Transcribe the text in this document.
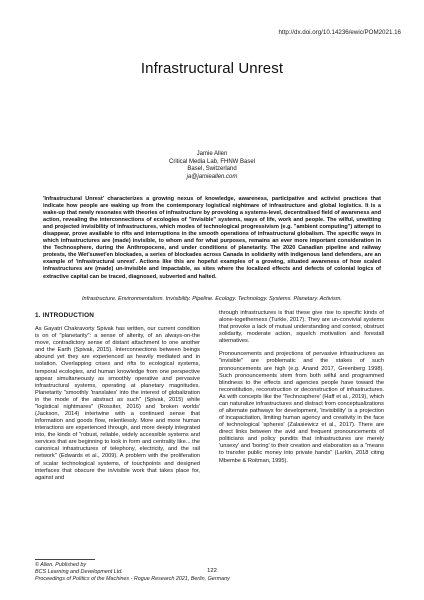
http://dx.doi.org/10.14236/ewic/POM2021.16
Infrastructural Unrest
Jamie Allen
Critical Media Lab, FHNW Basel
Basel, Switzerland
ja@jamieallen.com
'Infrastructural Unrest' characterizes a growing nexus of knowledge, awareness, participative and activist practices that indicate how people are waking up from the contemporary logistical nightmare of infrastructure and global logistics. It is a wake-up that newly resonates with theories of infrastructure by provoking a systems-level, decentralised field of awareness and action, revealing the interconnections of ecologies of "invisible" systems, ways of life, work and people. The wilful, unwitting and projected invisibility of infrastructures, which modes of technological progressivism (e.g. "ambient computing") attempt to disappear, prove available to rifts and interruptions in the smooth operations of infrastructural globalism. The specific ways in which infrastructures are (made) invisible, to whom and for what purposes, remains an ever more important consideration in the Technosphere, during the Anthropocene, and under conditions of planetarity. The 2020 Canadian pipeline and railway protests, the Wet'suwet'en blockades, a series of blockades across Canada in solidarity with indigenous land defenders, are an example of 'infrastructural unrest'. Actions like this are hopeful examples of a growing, situated awareness of how scaled infrastructures are (made) un-invisible and impactable, as sites where the localized effects and defects of colonial logics of extractive capital can be traced, diagnosed, subverted and halted.
Infrastructure. Environmentalism. Invisibility. Pipeline. Ecology. Technology. Systems. Planetary. Activism.
1. INTRODUCTION

As Gayatri Chakravorty Spivak has written, our current condition is on of "planetarity": a sense of alterity, of an always-on-the move, contradictory sense of distant attachment to one another and the Earth (Spivak, 2015). Interconnections between beings abound yet they are experienced as heavily mediated and in isolation. Overlapping crises and rifts to ecological systems, temporal ecologies, and human knowledge from one perspective appear simultaneously as smoothly operative and pervasive infrastructural systems, operating at planetary magnitudes. Planetarity "smoothly 'translates' into the interest of globalization in the mode of the abstract as such" (Spivak, 2015) while "logistical nightmares" (Rossiter, 2016) and 'broken worlds' (Jackson, 2014) intertwine with a continued sense that information and goods flow, relentlessly. More and more human interactions are experienced through, and more deeply integrated into, the kinds of "robust, reliable, widely accessible systems and services that are beginning to look in form and centrality like... the canonical infrastructures of telephony, electricity, and the rail network" (Edwards et al., 2009). A problem with the proliferation of scalar technological systems, of touchpoints and designed interfaces that obscure the in/visible work that takes place for, against and

through infrastructures is that these give rise to specific kinds of alone-togetherness (Turkle, 2017). They are un-convivial systems that provoke a lack of mutual understanding and context, obstruct solidarity, moderate action, squelch motivation and forestall alternatives.

Pronouncements and projections of pervasive infrastructures as "invisible" are problematic and the stakes of such pronouncements are high (e.g. Anand 2017, Greenberg 1998). Such pronouncements stem from both wilful and programmed blindness to the effects and agencies people have toward the reconstitution, reconstruction or deconstruction of infrastructures. As with concepts like the 'Technosphere' (Haff et al., 2019), which can naturalize infrastructures and distract from conceptualizations of alternate pathways for development, 'invisibility' is a projection of incapacitation, limiting human agency and creativity in the face of technological 'spheres' (Zalasiewicz et al., 2017). There are direct links between the avid and frequent pronouncements of politicians and policy pundits that infrastructures are merely 'unsexy' and 'boring' to their creation and elaboration as a "means to transfer public money into private hands" (Larkin, 2018 citing Mbembe & Roitman, 1995).

© Allen. Published by
BCS Learning and Development Ltd.
Proceedings of Politics of the Machines - Rogue Research 2021, Berlin, Germany
122
